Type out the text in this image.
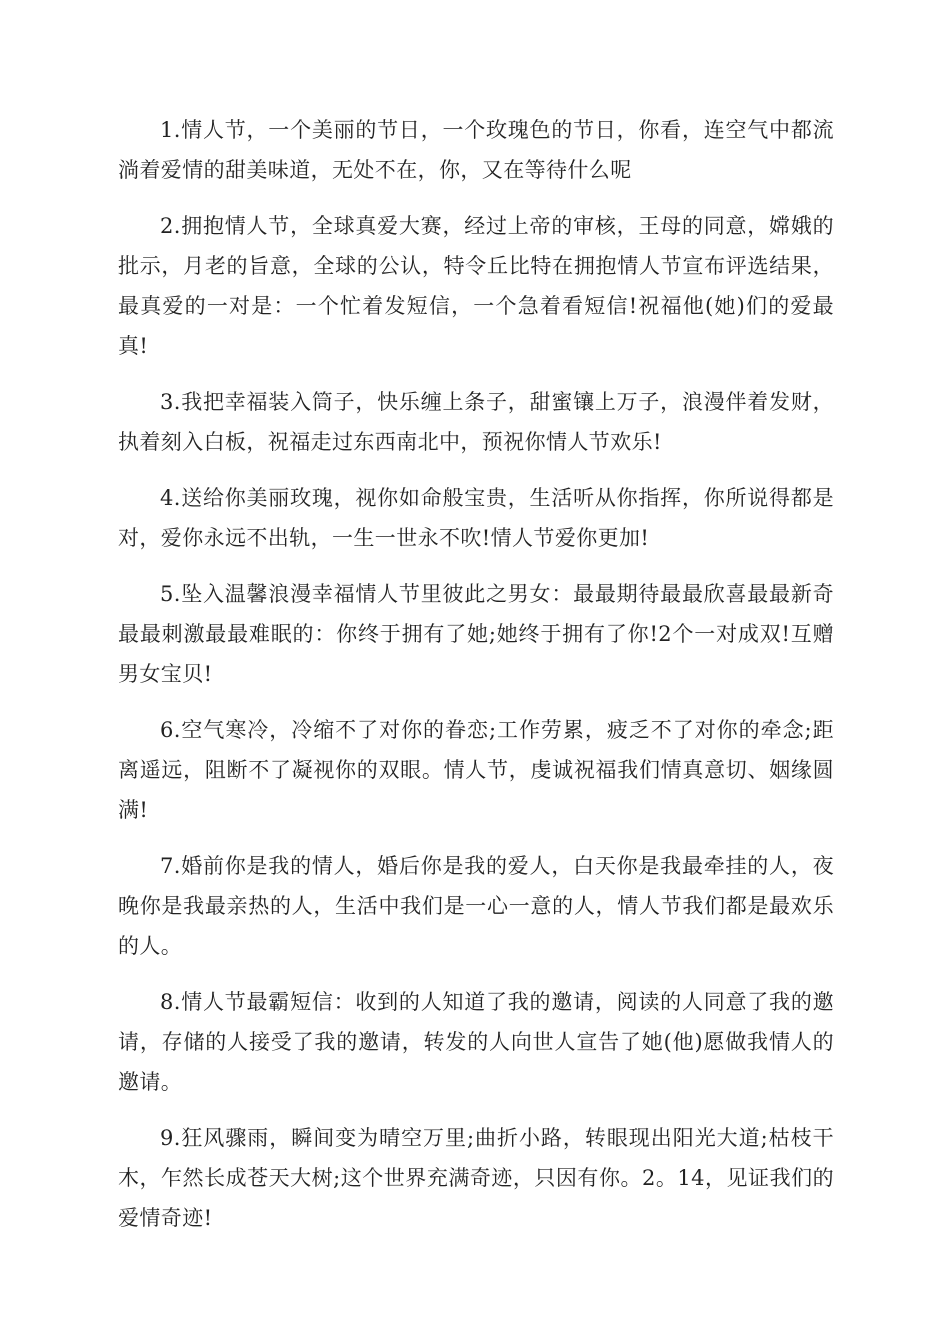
1.情人节，一个美丽的节日，一个玫瑰色的节日，你看，连空气中都流淌着爱情的甜美味道，无处不在，你，又在等待什么呢

2.拥抱情人节，全球真爱大赛，经过上帝的审核，王母的同意，嫦娥的批示，月老的旨意，全球的公认，特令丘比特在拥抱情人节宣布评选结果，最真爱的一对是：一个忙着发短信，一个急着看短信!祝福他(她)们的爱最真!

3.我把幸福装入筒子，快乐缠上条子，甜蜜镶上万子，浪漫伴着发财，执着刻入白板，祝福走过东西南北中，预祝你情人节欢乐!

4.送给你美丽玫瑰，视你如命般宝贵，生活听从你指挥，你所说得都是对，爱你永远不出轨，一生一世永不吹!情人节爱你更加!

5.坠入温馨浪漫幸福情人节里彼此之男女：最最期待最最欣喜最最新奇最最刺激最最难眠的：你终于拥有了她;她终于拥有了你!2个一对成双!互赠男女宝贝!

6.空气寒冷，冷缩不了对你的眷恋;工作劳累，疲乏不了对你的牵念;距离遥远，阻断不了凝视你的双眼。情人节，虔诚祝福我们情真意切、姻缘圆满!

7.婚前你是我的情人，婚后你是我的爱人，白天你是我最牵挂的人，夜晚你是我最亲热的人，生活中我们是一心一意的人，情人节我们都是最欢乐的人。

8.情人节最霸短信：收到的人知道了我的邀请，阅读的人同意了我的邀请，存储的人接受了我的邀请，转发的人向世人宣告了她(他)愿做我情人的邀请。

9.狂风骤雨，瞬间变为晴空万里;曲折小路，转眼现出阳光大道;枯枝干木，乍然长成苍天大树;这个世界充满奇迹，只因有你。2。14，见证我们的爱情奇迹!
